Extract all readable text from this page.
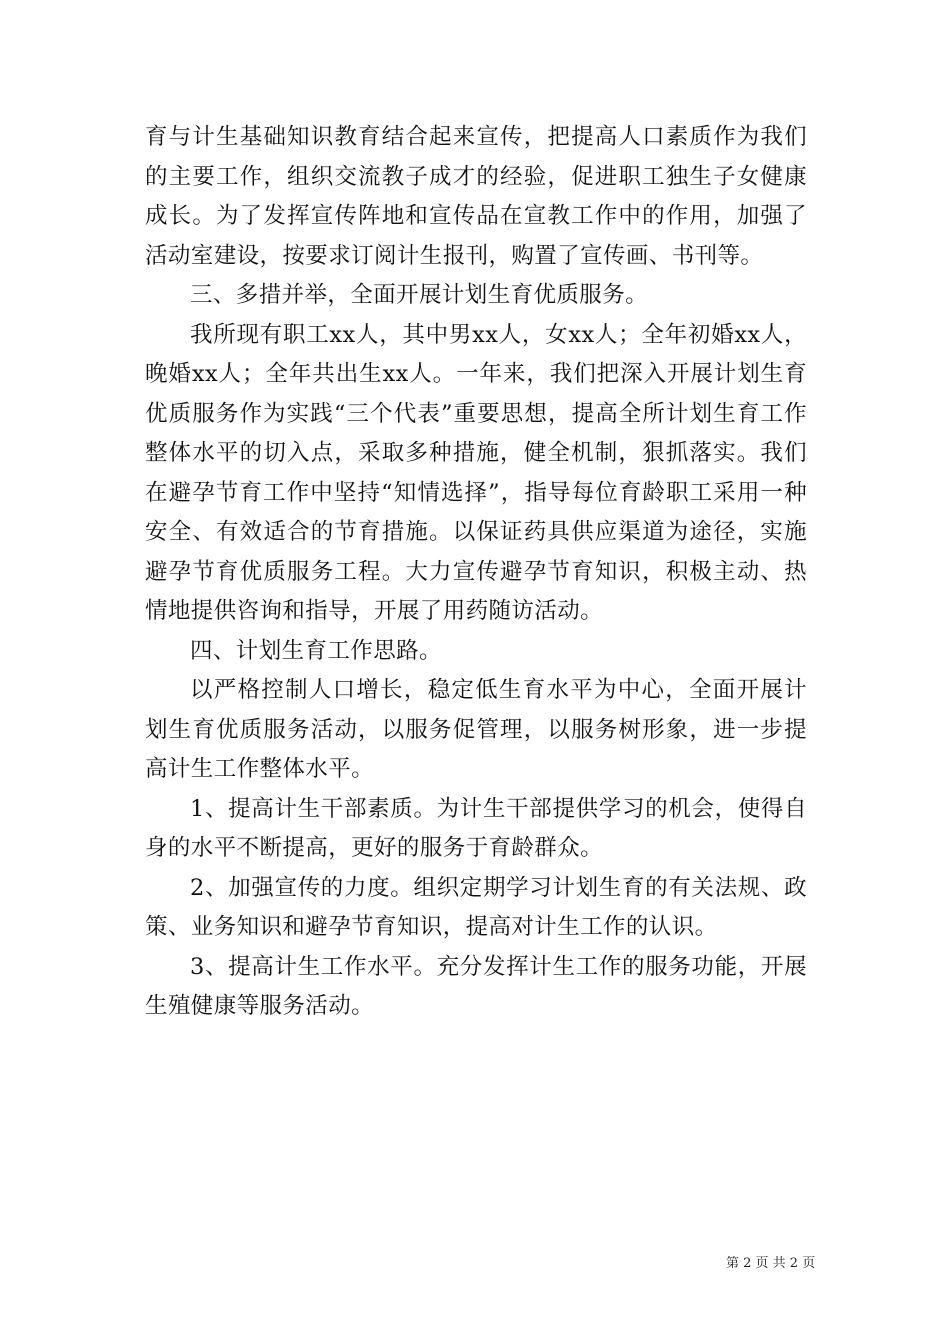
育与计生基础知识教育结合起来宣传，把提高人口素质作为我们的主要工作，组织交流教子成才的经验，促进职工独生子女健康成长。为了发挥宣传阵地和宣传品在宣教工作中的作用，加强了活动室建设，按要求订阅计生报刊，购置了宣传画、书刊等。

三、多措并举，全面开展计划生育优质服务。

我所现有职工xx人，其中男xx人，女xx人；全年初婚xx人，晚婚xx人；全年共出生xx人。一年来，我们把深入开展计划生育优质服务作为实践“三个代表”重要思想，提高全所计划生育工作整体水平的切入点，采取多种措施，健全机制，狠抓落实。我们在避孕节育工作中坚持“知情选择”，指导每位育龄职工采用一种安全、有效适合的节育措施。以保证药具供应渠道为途径，实施避孕节育优质服务工程。大力宣传避孕节育知识，积极主动、热情地提供咨询和指导，开展了用药随访活动。

四、计划生育工作思路。

以严格控制人口增长，稳定低生育水平为中心，全面开展计划生育优质服务活动，以服务促管理，以服务树形象，进一步提高计生工作整体水平。

1、提高计生干部素质。为计生干部提供学习的机会，使得自身的水平不断提高，更好的服务于育龄群众。

2、加强宣传的力度。组织定期学习计划生育的有关法规、政策、业务知识和避孕节育知识，提高对计生工作的认识。

3、提高计生工作水平。充分发挥计生工作的服务功能，开展生殖健康等服务活动。

第 2 页 共 2 页
